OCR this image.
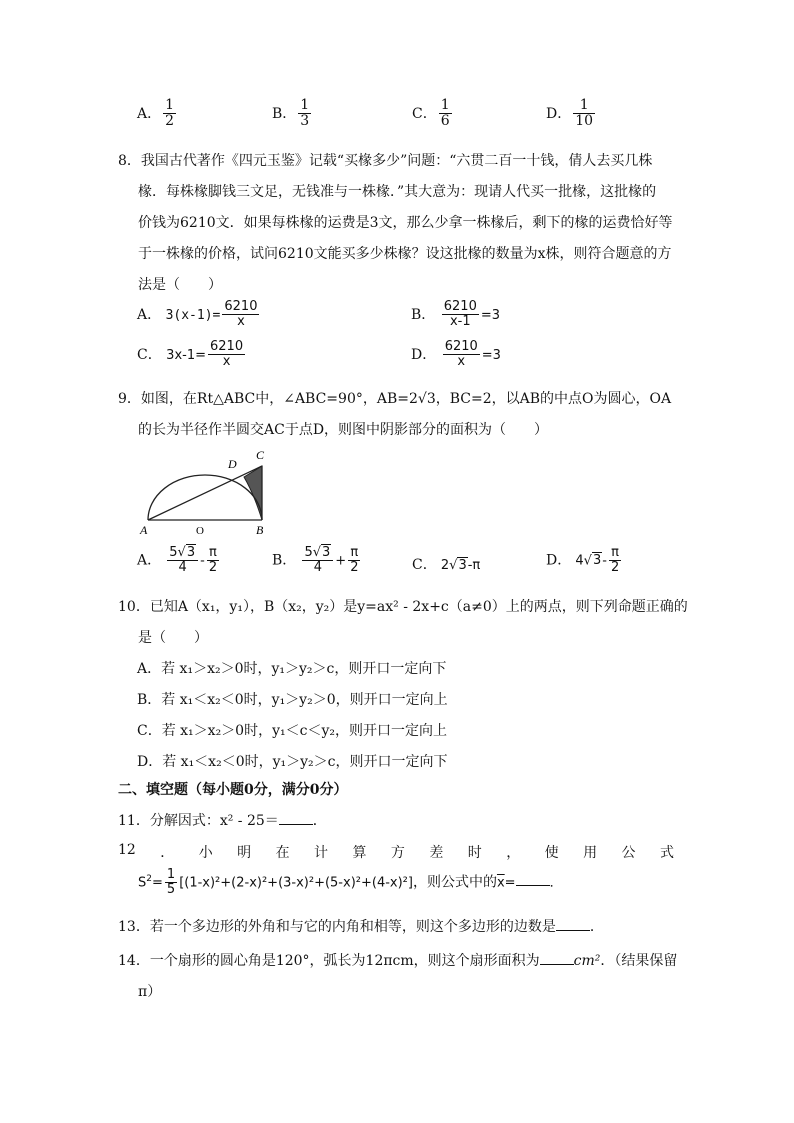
A． $\frac{1}{2}$	B． $\frac{1}{3}$	C． $\frac{1}{6}$	D． $\frac{1}{10}$
8．我国古代著作《四元玉鉴》记载“买椽多少”问题：“六贯二百一十钱，倩人去买几株
椽．每株椽脚钱三文足，无钱准与一株椽．”其大意为：现请人代买一批椽，这批椽的
价钱为6210文．如果每株椽的运费是3文，那么少拿一株椽后，剩下的椽的运费恰好等
于一株椽的价格，试问6210文能买多少株椽？设这批椽的数量为x株，则符合题意的方
法是（　　）
A． $3(x-1)= \frac{6210}{x}$	B． $\frac{6210}{x-1} =3$
C． $3x-1= \frac{6210}{x}$	D． $\frac{6210}{x} =3$
9．如图，在Rt△ABC中，∠ABC=90°，AB=2√3，BC=2，以AB的中点O为圆心，OA
的长为半径作半圆交AC于点D，则图中阴影部分的面积为（　　）
A	B
O
D
C
A． $\frac{5√3}{4} - \frac{\pi}{2}$	B． $\frac{5√3}{4} + \frac{\pi}{2}$	C． 2√3-π	D． $4√3- \frac{\pi}{2}$
10．已知A（x₁，y₁），B（x₂，y₂）是y=ax² - 2x+c（a≠0）上的两点，则下列命题正确的
是（　　）
A．若 x₁＞x₂＞0时，y₁＞y₂＞c，则开口一定向下
B．若 x₁＜x₂＜0时，y₁＞y₂＞0，则开口一定向上
C．若 x₁＞x₂＞0时，y₁＜c＜y₂，则开口一定向上
D．若 x₁＜x₂＜0时，y₁＞y₂＞c，则开口一定向下
二、填空题（每小题0分，满分0分）
11．分解因式：x² - 25＝ ．
12 ． 小 明 在 计 算 方 差 时 ， 使 用 公 式
$S^2= \frac{1}{5} [(1-x)^2+(2-x)^2+(3-x)^2+(5-x)^2+(4-x)^2]$，则公式中的$\overline{x}=$	．
13．若一个多边形的外角和与它的内角和相等，则这个多边形的边数是 ．
14．一个扇形的圆心角是120°，弧长为12πcm，则这个扇形面积为 cm²．（结果保留
π）
